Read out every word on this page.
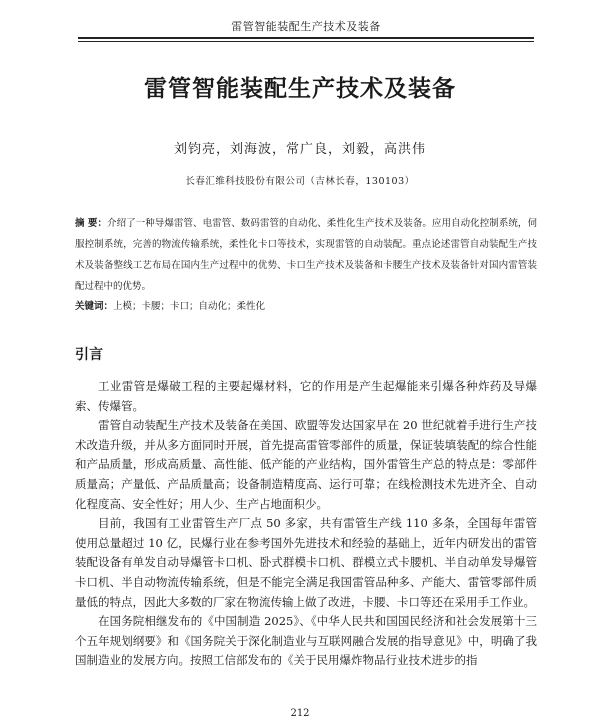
雷管智能装配生产技术及装备
雷管智能装配生产技术及装备
刘钧亮，刘海波，常广良，刘毅，高洪伟
长春汇维科技股份有限公司（吉林长春，130103）
摘 要：介绍了一种导爆雷管、电雷管、数码雷管的自动化、柔性化生产技术及装备。应用自动化控制系统，伺服控制系统，完善的物流传输系统，柔性化卡口等技术，实现雷管的自动装配。重点论述雷管自动装配生产技术及装备整线工艺布局在国内生产过程中的优势、卡口生产技术及装备和卡腰生产技术及装备针对国内雷管装配过程中的优势。
关键词：上模；卡腰；卡口；自动化；柔性化
引言

工业雷管是爆破工程的主要起爆材料，它的作用是产生起爆能来引爆各种炸药及导爆索、传爆管。

雷管自动装配生产技术及装备在美国、欧盟等发达国家早在 20 世纪就着手进行生产技术改造升级，并从多方面同时开展，首先提高雷管零部件的质量，保证装填装配的综合性能和产品质量，形成高质量、高性能、低产能的产业结构，国外雷管生产总的特点是：零部件质量高；产量低、产品质量高；设备制造精度高、运行可靠；在线检测技术先进齐全、自动化程度高、安全性好；用人少、生产占地面积少。

目前，我国有工业雷管生产厂点 50 多家，共有雷管生产线 110 多条，全国每年雷管使用总量超过 10 亿，民爆行业在参考国外先进技术和经验的基础上，近年内研发出的雷管装配设备有单发自动导爆管卡口机、卧式群模卡口机、群模立式卡腰机、半自动单发导爆管卡口机、半自动物流传输系统，但是不能完全满足我国雷管品种多、产能大、雷管零部件质量低的特点，因此大多数的厂家在物流传输上做了改进，卡腰、卡口等还在采用手工作业。

在国务院相继发布的《中国制造 2025》、《中华人民共和国国民经济和社会发展第十三个五年规划纲要》和《国务院关于深化制造业与互联网融合发展的指导意见》中，明确了我国制造业的发展方向。按照工信部发布的《关于民用爆炸物品行业技术进步的指

212
